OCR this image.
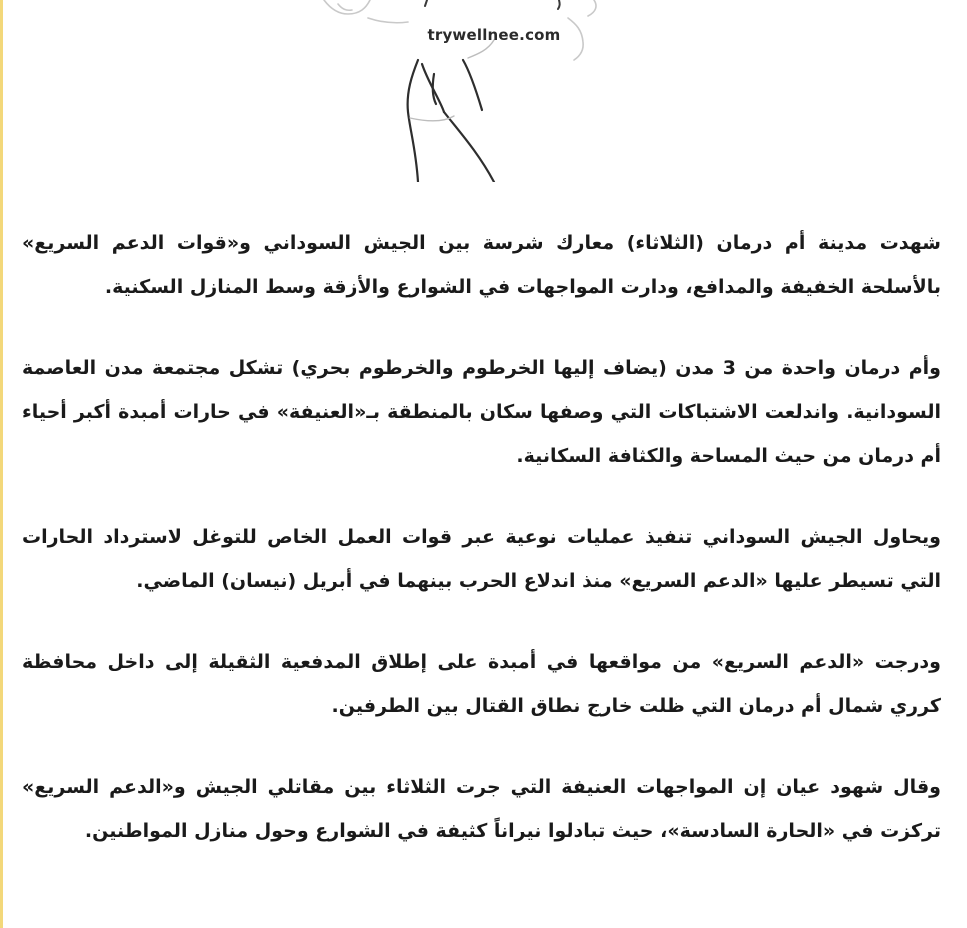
trywellnee.com

شهدت مدينة أم درمان (الثلاثاء) معارك شرسة بين الجيش السوداني و«قوات الدعم السريع» بالأسلحة الخفيفة والمدافع، ودارت المواجهات في الشوارع والأزقة وسط المنازل السكنية.

وأم درمان واحدة من 3 مدن (يضاف إليها الخرطوم والخرطوم بحري) تشكل مجتمعة مدن العاصمة السودانية. واندلعت الاشتباكات التي وصفها سكان بالمنطقة بـ«العنيفة» في حارات أمبدة أكبر أحياء أم درمان من حيث المساحة والكثافة السكانية.

ويحاول الجيش السوداني تنفيذ عمليات نوعية عبر قوات العمل الخاص للتوغل لاسترداد الحارات التي تسيطر عليها «الدعم السريع» منذ اندلاع الحرب بينهما في أبريل (نيسان) الماضي.

ودرجت «الدعم السريع» من مواقعها في أمبدة على إطلاق المدفعية الثقيلة إلى داخل محافظة كرري شمال أم درمان التي ظلت خارج نطاق القتال بين الطرفين.

وقال شهود عيان إن المواجهات العنيفة التي جرت الثلاثاء بين مقاتلي الجيش و«الدعم السريع» تركزت في «الحارة السادسة»، حيث تبادلوا نيراناً كثيفة في الشوارع وحول منازل المواطنين.
